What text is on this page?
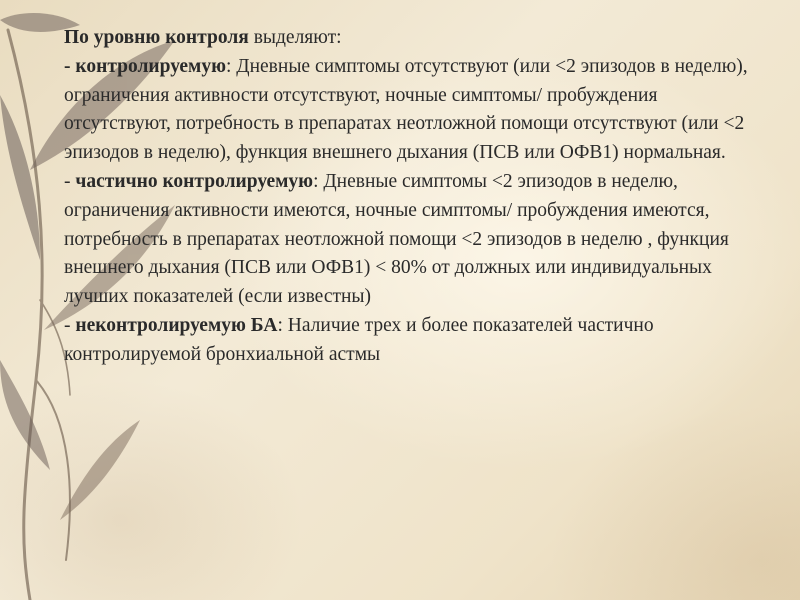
По уровню контроля выделяют:

- контролируемую: Дневные симптомы отсутствуют (или <2 эпизодов в неделю), ограничения активности отсутствуют, ночные симптомы/ пробуждения отсутствуют, потребность в препаратах неотложной помощи отсутствуют (или <2 эпизодов в неделю), функция внешнего дыхания (ПСВ или ОФВ1) нормальная.

- частично контролируемую: Дневные симптомы <2 эпизодов в неделю, ограничения активности имеются, ночные симптомы/ пробуждения имеются, потребность в препаратах неотложной помощи <2 эпизодов в неделю , функция внешнего дыхания (ПСВ или ОФВ1) < 80% от должных или индивидуальных лучших показателей (если известны)

- неконтролируемую БА: Наличие трех и более показателей частично контролируемой бронхиальной астмы
